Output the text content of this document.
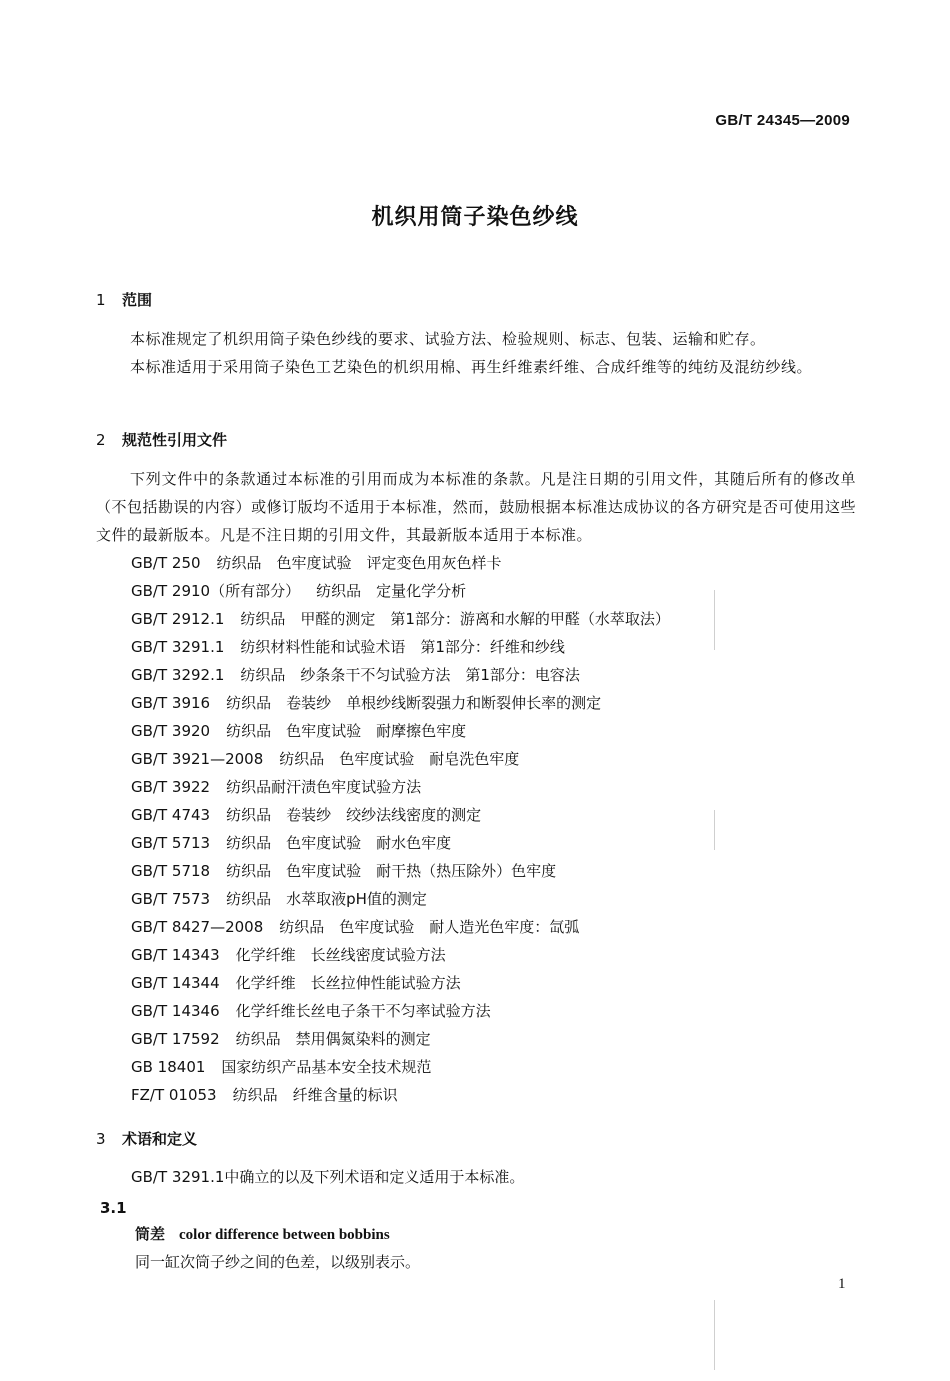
GB/T 24345—2009
机织用筒子染色纱线
1 范围
本标准规定了机织用筒子染色纱线的要求、试验方法、检验规则、标志、包装、运输和贮存。
本标准适用于采用筒子染色工艺染色的机织用棉、再生纤维素纤维、合成纤维等的纯纺及混纺纱线。
2 规范性引用文件
下列文件中的条款通过本标准的引用而成为本标准的条款。凡是注日期的引用文件，其随后所有的修改单（不包括勘误的内容）或修订版均不适用于本标准，然而，鼓励根据本标准达成协议的各方研究是否可使用这些文件的最新版本。凡是不注日期的引用文件，其最新版本适用于本标准。
GB/T 250 纺织品　色牢度试验　评定变色用灰色样卡
GB/T 2910（所有部分） 纺织品　定量化学分析
GB/T 2912.1 纺织品　甲醛的测定　第1部分：游离和水解的甲醛（水萃取法）
GB/T 3291.1 纺织材料性能和试验术语　第1部分：纤维和纱线
GB/T 3292.1 纺织品　纱条条干不匀试验方法　第1部分：电容法
GB/T 3916 纺织品　卷装纱　单根纱线断裂强力和断裂伸长率的测定
GB/T 3920 纺织品　色牢度试验　耐摩擦色牢度
GB/T 3921—2008 纺织品　色牢度试验　耐皂洗色牢度
GB/T 3922 纺织品耐汗渍色牢度试验方法
GB/T 4743 纺织品　卷装纱　绞纱法线密度的测定
GB/T 5713 纺织品　色牢度试验　耐水色牢度
GB/T 5718 纺织品　色牢度试验　耐干热（热压除外）色牢度
GB/T 7573 纺织品　水萃取液pH值的测定
GB/T 8427—2008 纺织品　色牢度试验　耐人造光色牢度：氙弧
GB/T 14343 化学纤维　长丝线密度试验方法
GB/T 14344 化学纤维　长丝拉伸性能试验方法
GB/T 14346 化学纤维长丝电子条干不匀率试验方法
GB/T 17592 纺织品　禁用偶氮染料的测定
GB 18401 国家纺织产品基本安全技术规范
FZ/T 01053 纺织品　纤维含量的标识
3 术语和定义
GB/T 3291.1中确立的以及下列术语和定义适用于本标准。
3.1
筒差 color difference between bobbins
同一缸次筒子纱之间的色差，以级别表示。
1
